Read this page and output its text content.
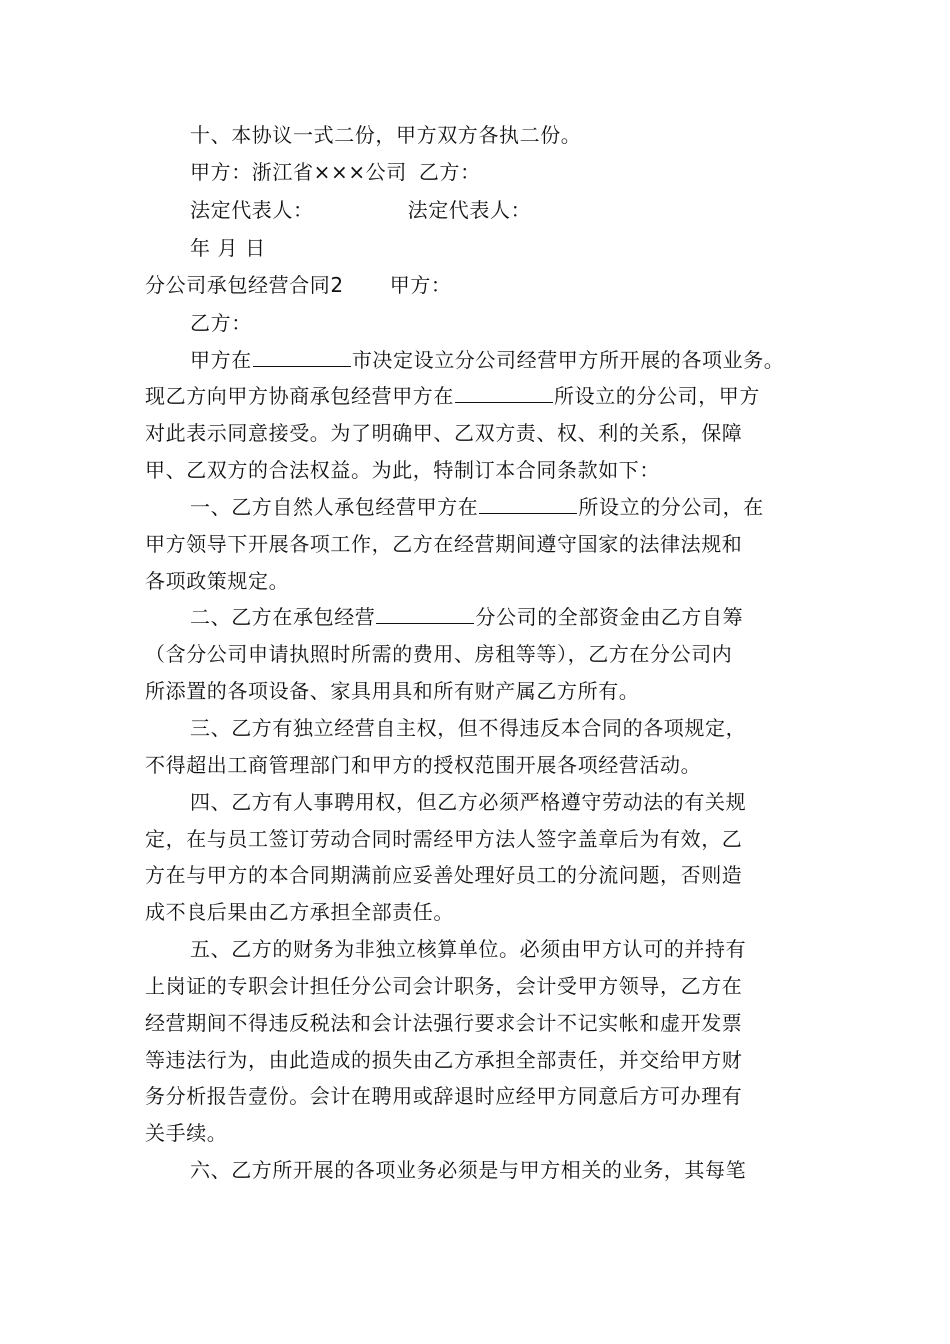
十、本协议一式二份，甲方双方各执二份。
甲方：浙江省×××公司 乙方：
法定代表人：	法定代表人：
年 月 日
分公司承包经营合同2 甲方：
乙方：
甲方在	市决定设立分公司经营甲方所开展的各项业务。
现乙方向甲方协商承包经营甲方在	所设立的分公司，甲方
对此表示同意接受。为了明确甲、乙双方责、权、利的关系，保障
甲、乙双方的合法权益。为此，特制订本合同条款如下：
一、乙方自然人承包经营甲方在	所设立的分公司，在
甲方领导下开展各项工作，乙方在经营期间遵守国家的法律法规和
各项政策规定。
二、乙方在承包经营	分公司的全部资金由乙方自筹
（含分公司申请执照时所需的费用、房租等等），乙方在分公司内
所添置的各项设备、家具用具和所有财产属乙方所有。
三、乙方有独立经营自主权，但不得违反本合同的各项规定，
不得超出工商管理部门和甲方的授权范围开展各项经营活动。
四、乙方有人事聘用权，但乙方必须严格遵守劳动法的有关规
定，在与员工签订劳动合同时需经甲方法人签字盖章后为有效，乙
方在与甲方的本合同期满前应妥善处理好员工的分流问题，否则造
成不良后果由乙方承担全部责任。
五、乙方的财务为非独立核算单位。必须由甲方认可的并持有
上岗证的专职会计担任分公司会计职务，会计受甲方领导，乙方在
经营期间不得违反税法和会计法强行要求会计不记实帐和虚开发票
等违法行为，由此造成的损失由乙方承担全部责任，并交给甲方财
务分析报告壹份。会计在聘用或辞退时应经甲方同意后方可办理有
关手续。
六、乙方所开展的各项业务必须是与甲方相关的业务，其每笔
